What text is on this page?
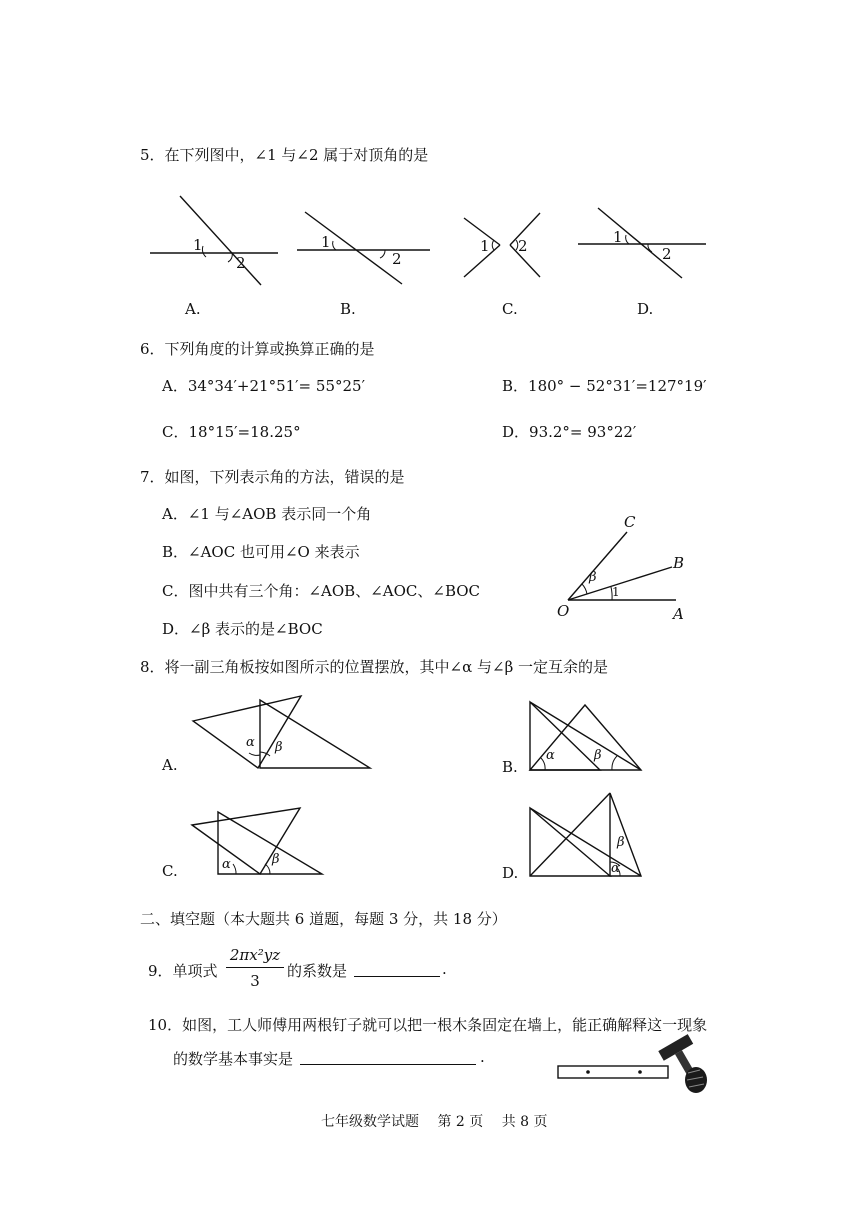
5．在下列图中，∠1 与∠2 属于对顶角的是
1
2
A.
1
2
B.
1 2
C.
1
2
D.
6．下列角度的计算或换算正确的是
A．34°34′+21°51′= 55°25′	B．180° − 52°31′=127°19′
C．18°15′=18.25°	D．93.2°= 93°22′
7．如图，下列表示角的方法，错误的是
A．∠1 与∠AOB 表示同一个角
B．∠AOC 也可用∠O 来表示
C．图中共有三个角：∠AOB、∠AOC、∠BOC
D．∠β 表示的是∠BOC
C
B
O	A
β
1
8．将一副三角板按如图所示的位置摆放，其中∠α 与∠β 一定互余的是
α β
A.
α	β
B.
α	β
C.
β
α
D.
二、填空题（本大题共 6 道题，每题 3 分，共 18 分）
9．单项式
2πx²yz
3
的系数是	.
10．如图，工人师傅用两根钉子就可以把一根木条固定在墙上，能正确解释这一现象
的数学基本事实是	.
七年级数学试题　 第 2 页　 共 8 页
